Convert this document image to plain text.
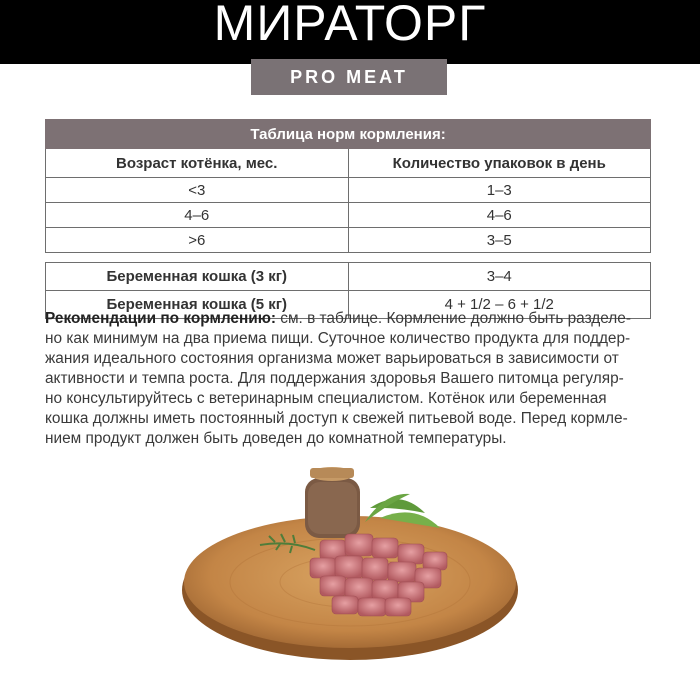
МИРАТОРГ
PRO MEAT
Таблица норм кормления:	
Возраст котёнка, мес.	Количество упаковок в день
<3	1–3
4–6	4–6
>6	3–5

Беременная кошка (3 кг)	3–4
Беременная кошка (5 кг)	4 + 1/2 – 6 + 1/2
Рекомендации по кормлению: см. в таблице. Кормление должно быть разделе-
но как минимум на два приема пищи. Суточное количество продукта для поддер-
жания идеального состояния организма может варьироваться в зависимости от
активности и темпа роста. Для поддержания здоровья Вашего питомца регуляр-
но консультируйтесь с ветеринарным специалистом. Котёнок или беременная
кошка должны иметь постоянный доступ к свежей питьевой воде. Перед кормле-
нием продукт должен быть доведен до комнатной температуры.
